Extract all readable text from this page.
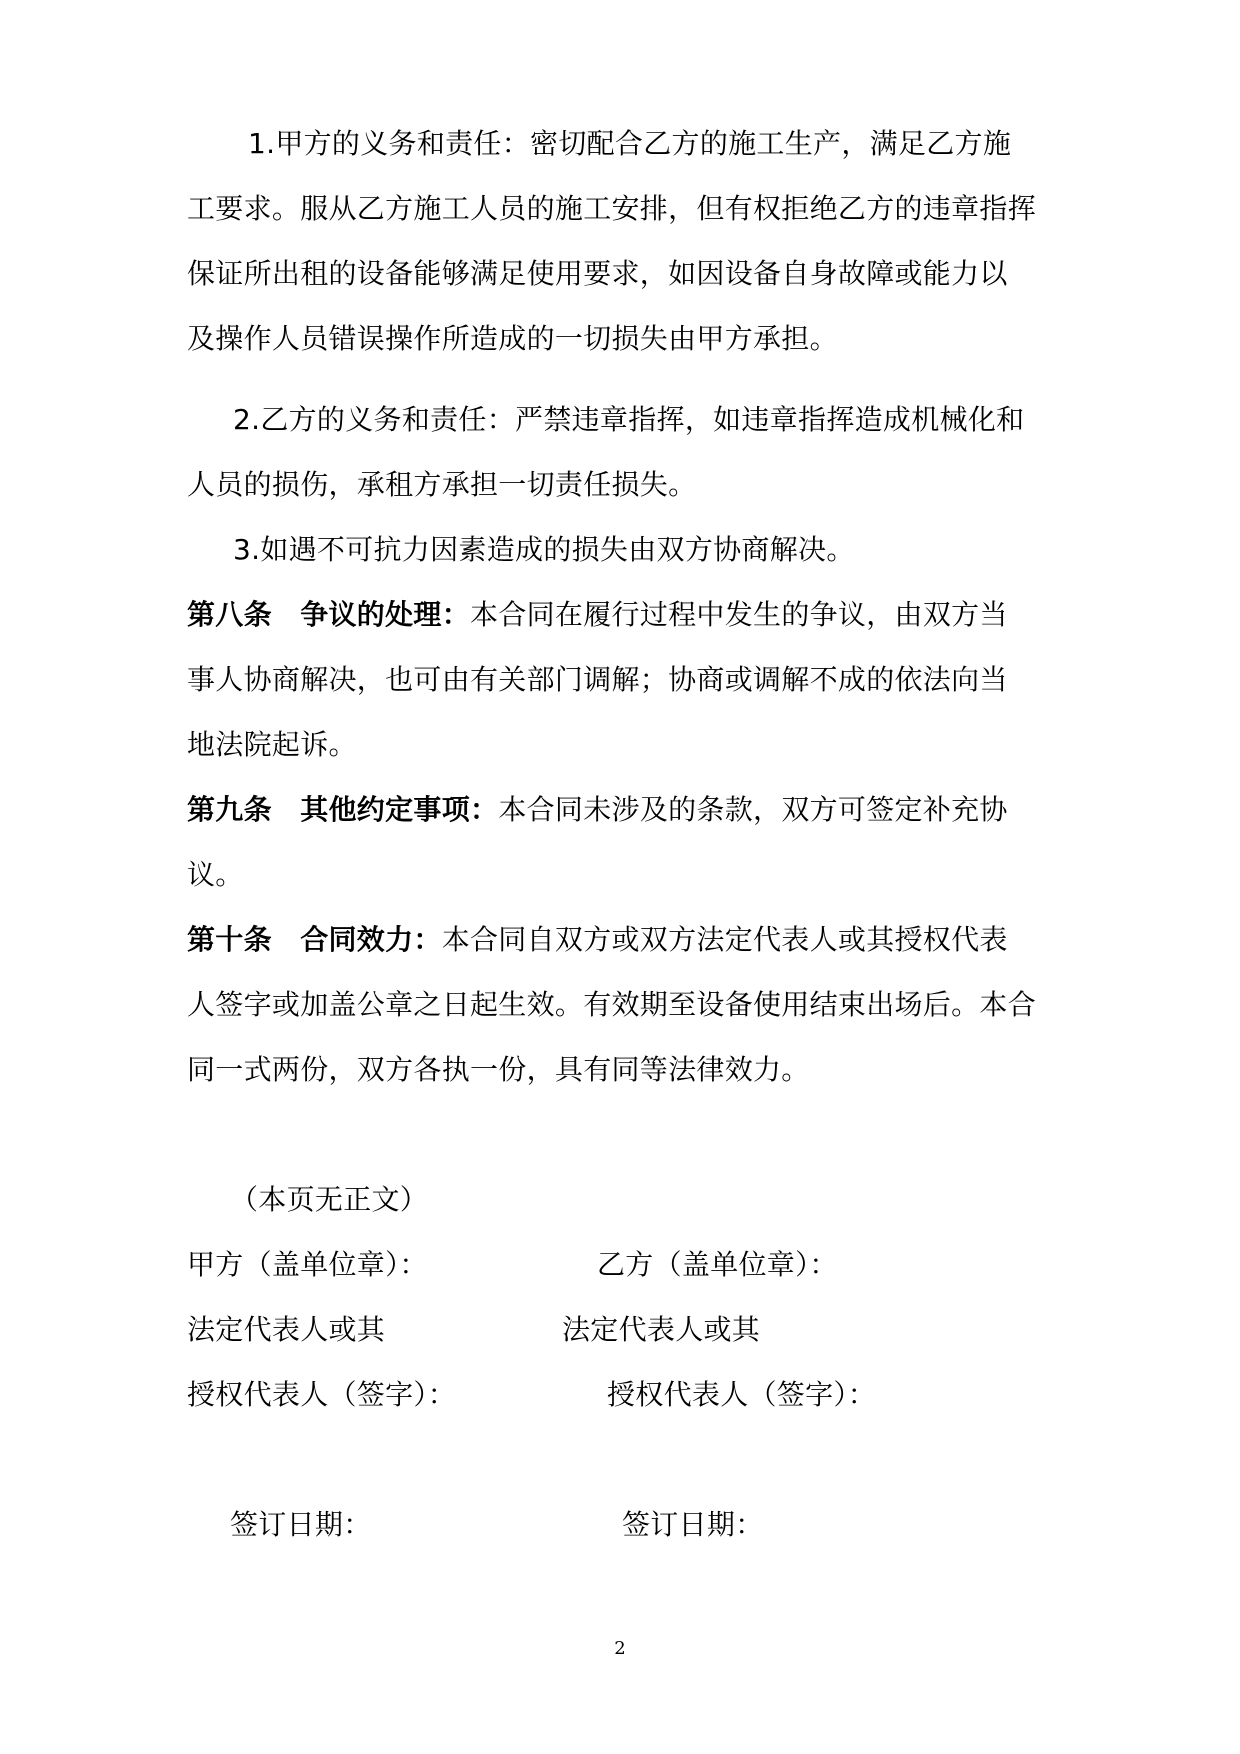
1.甲方的义务和责任：密切配合乙方的施工生产，满足乙方施
工要求。服从乙方施工人员的施工安排，但有权拒绝乙方的违章指挥
保证所出租的设备能够满足使用要求，如因设备自身故障或能力以
及操作人员错误操作所造成的一切损失由甲方承担。
2.乙方的义务和责任：严禁违章指挥，如违章指挥造成机械化和
人员的损伤，承租方承担一切责任损失。
3.如遇不可抗力因素造成的损失由双方协商解决。
第八条　争议的处理：本合同在履行过程中发生的争议，由双方当
事人协商解决，也可由有关部门调解；协商或调解不成的依法向当
地法院起诉。
第九条　其他约定事项：本合同未涉及的条款，双方可签定补充协
议。
第十条　合同效力：本合同自双方或双方法定代表人或其授权代表
人签字或加盖公章之日起生效。有效期至设备使用结束出场后。本合
同一式两份，双方各执一份，具有同等法律效力。
（本页无正文）
甲方（盖单位章）：	乙方（盖单位章）：
法定代表人或其	法定代表人或其
授权代表人（签字）：	授权代表人（签字）：
签订日期：	签订日期：
2
